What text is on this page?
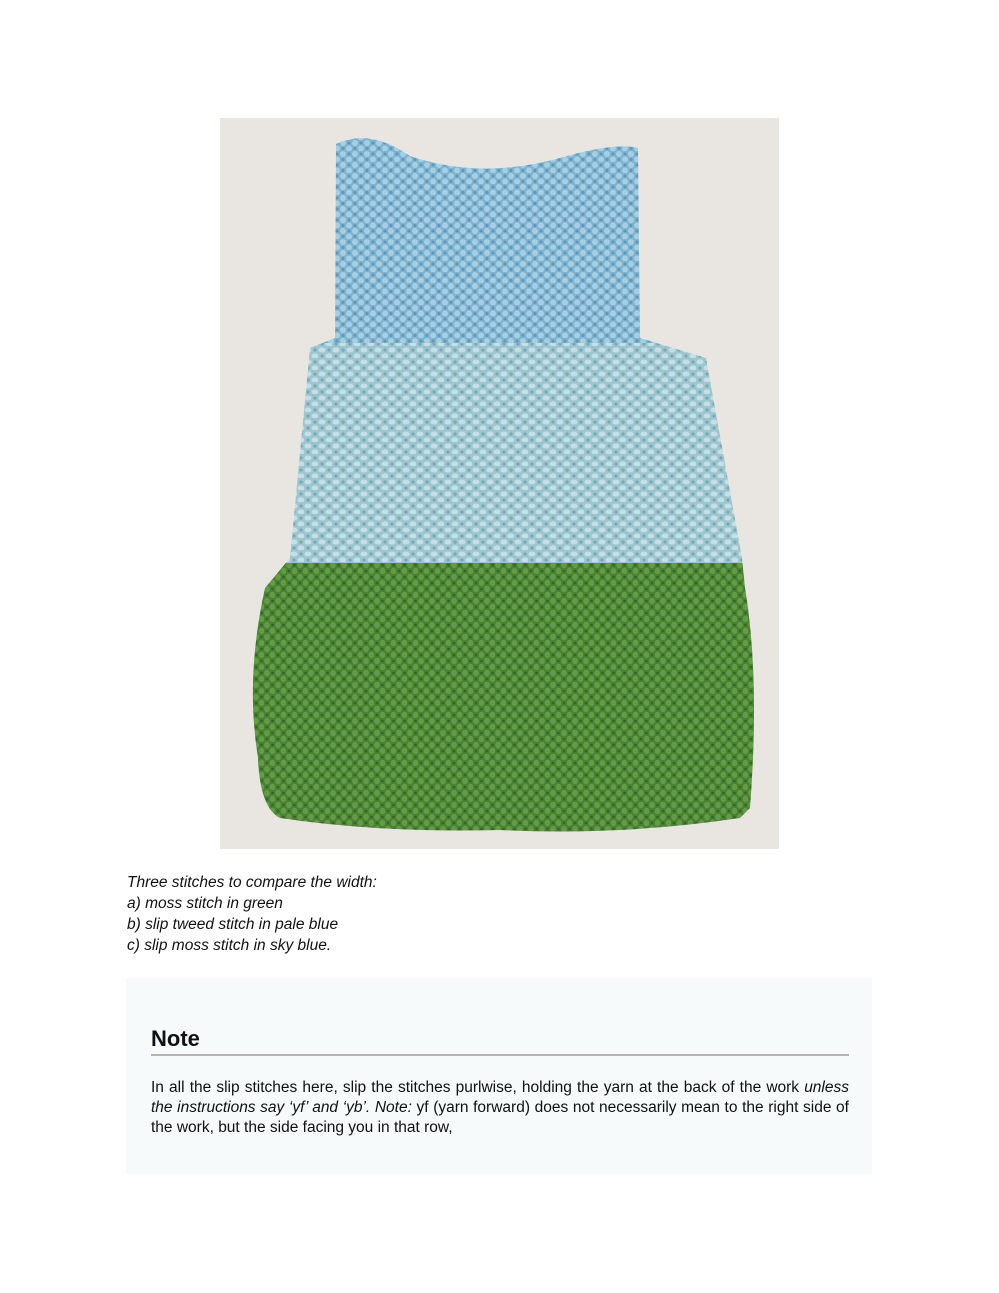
Three stitches to compare the width:
a) moss stitch in green
b) slip tweed stitch in pale blue
c) slip moss stitch in sky blue.
Note
In all the slip stitches here, slip the stitches purlwise, holding the yarn at the back of the work unless the instructions say ‘yf’ and ‘yb’. Note: yf (yarn forward) does not necessarily mean to the right side of the work, but the side facing you in that row,
